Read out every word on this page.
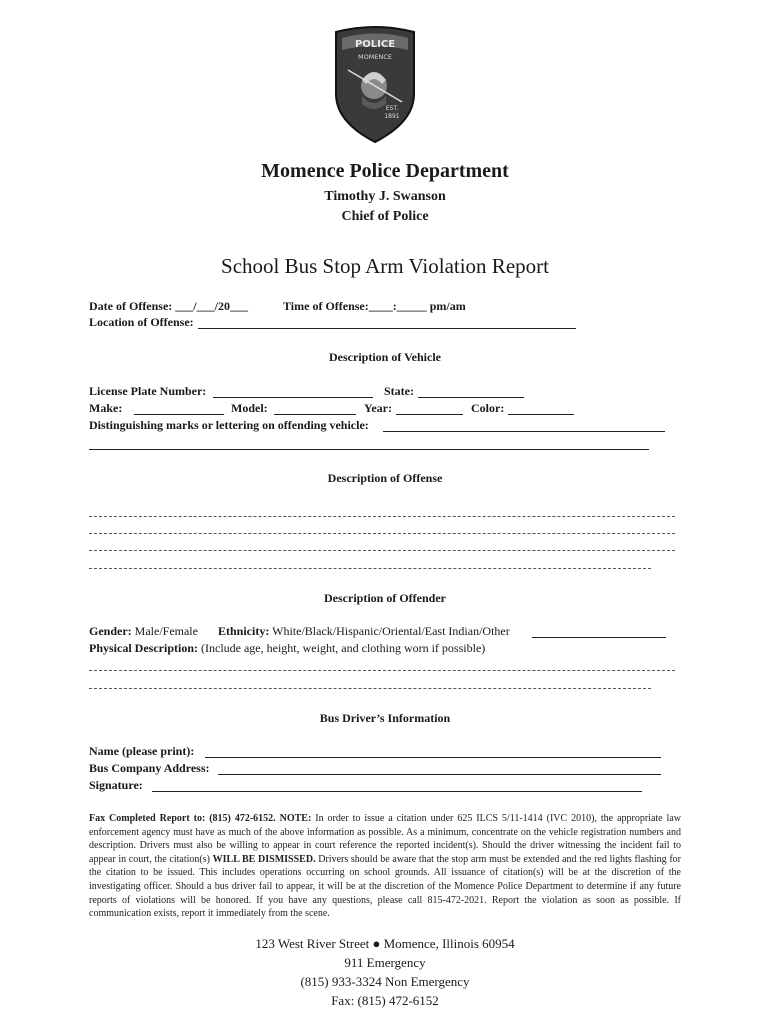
POLICE
MOMENCE
EST.
1891
Momence Police Department
Timothy J. Swanson
Chief of Police
School Bus Stop Arm Violation Report
Date of Offense: ___/___/20___	Time of Offense:____:_____ pm/am
Location of Offense:
Description of Vehicle
License Plate Number:	State:
Make:	Model:	Year:	Color:
Distinguishing marks or lettering on offending vehicle:
Description of Offense
Description of Offender
Gender: Male/Female Ethnicity: White/Black/Hispanic/Oriental/East Indian/Other
Physical Description: (Include age, height, weight, and clothing worn if possible)
Bus Driver’s Information
Name (please print):
Bus Company Address:
Signature:
Fax Completed Report to: (815) 472-6152. NOTE: In order to issue a citation under 625 ILCS 5/11-1414 (IVC 2010), the appropriate law enforcement agency must have as much of the above information as possible. As a minimum, concentrate on the vehicle registration numbers and description. Drivers must also be willing to appear in court reference the reported incident(s). Should the driver witnessing the incident fail to appear in court, the citation(s) WILL BE DISMISSED. Drivers should be aware that the stop arm must be extended and the red lights flashing for the citation to be issued. This includes operations occurring on school grounds. All issuance of citation(s) will be at the discretion of the investigating officer. Should a bus driver fail to appear, it will be at the discretion of the Momence Police Department to determine if any future reports of violations will be honored. If you have any questions, please call 815-472-2021. Report the violation as soon as possible. If communication exists, report it immediately from the scene.
123 West River Street ● Momence, Illinois 60954
911 Emergency
(815) 933-3324 Non Emergency
Fax: (815) 472-6152
